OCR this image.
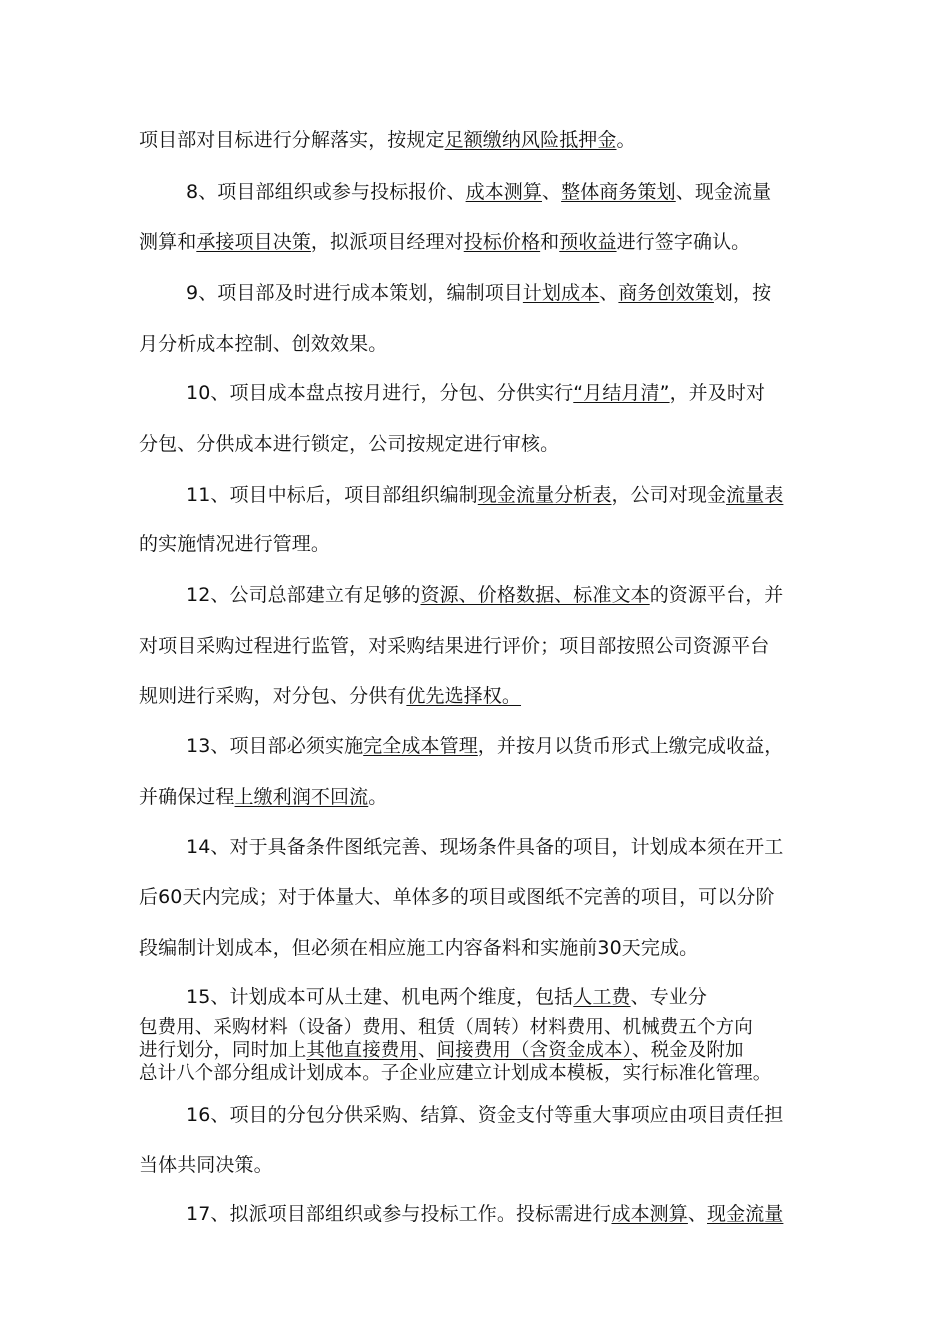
项目部对目标进行分解落实，按规定足额缴纳风险抵押金。
8、项目部组织或参与投标报价、成本测算、整体商务策划、现金流量
测算和承接项目决策，拟派项目经理对投标价格和预收益进行签字确认。
9、项目部及时进行成本策划，编制项目计划成本、商务创效策划，按
月分析成本控制、创效效果。
10、项目成本盘点按月进行，分包、分供实行“月结月清”，并及时对
分包、分供成本进行锁定，公司按规定进行审核。
11、项目中标后，项目部组织编制现金流量分析表，公司对现金流量表
的实施情况进行管理。
12、公司总部建立有足够的资源、价格数据、标准文本的资源平台，并
对项目采购过程进行监管，对采购结果进行评价；项目部按照公司资源平台
规则进行采购，对分包、分供有优先选择权。
13、项目部必须实施完全成本管理，并按月以货币形式上缴完成收益，
并确保过程上缴利润不回流。
14、对于具备条件图纸完善、现场条件具备的项目，计划成本须在开工
后60天内完成；对于体量大、单体多的项目或图纸不完善的项目，可以分阶
段编制计划成本，但必须在相应施工内容备料和实施前30天完成。
15、计划成本可从土建、机电两个维度，包括人工费、专业分
包费用、采购材料（设备）费用、租赁（周转）材料费用、机械费五个方向
进行划分，同时加上其他直接费用、间接费用（含资金成本）、税金及附加
总计八个部分组成计划成本。子企业应建立计划成本模板，实行标准化管理。
16、项目的分包分供采购、结算、资金支付等重大事项应由项目责任担
当体共同决策。
17、拟派项目部组织或参与投标工作。投标需进行成本测算、现金流量
